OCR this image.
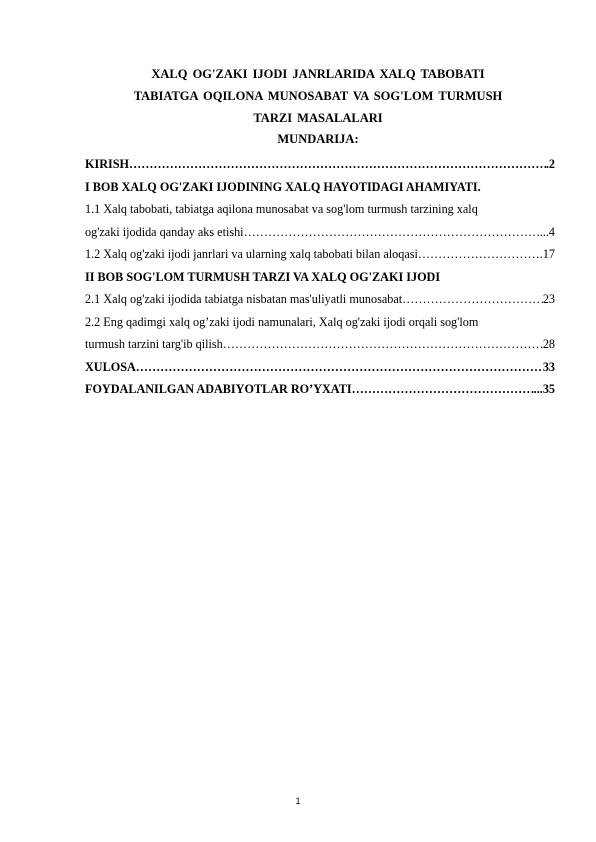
XALQ OG'ZAKI IJODI JANRLARIDA XALQ TABOBATI
TABIATGA OQILONA MUNOSABAT VA SOG'LOM TURMUSH
TARZI MASALALARI
MUNDARIJA:
KIRISH ………………………………………………………………………………………………………………………………………………………………	.2
I BOB XALQ OG'ZAKI IJODINING XALQ HAYOTIDAGI AHAMIYATI.
1.1 Xalq tabobati, tabiatga aqilona munosabat va sog'lom turmush tarzining xalq
og'zaki ijodida qanday aks etishi ………………………………………………………………………………………………………………………………………………………………	...4
1.2 Xalq og'zaki ijodi janrlari va ularning xalq tabobati bilan aloqasi ………………………………………………………………………………………………………………………………………………………………	.17
II BOB SOG'LOM TURMUSH TARZI VA XALQ OG'ZAKI IJODI
2.1 Xalq og'zaki ijodida tabiatga nisbatan mas'uliyatli munosabat ………………………………………………………………………………………………………………………………………………………………	23
2.2 Eng qadimgi xalq og’zaki ijodi namunalari, Xalq og'zaki ijodi orqali sog'lom
turmush tarzini targ'ib qilish ………………………………………………………………………………………………………………………………………………………………	28
XULOSA ………………………………………………………………………………………………………………………………………………………………	33
FOYDALANILGAN ADABIYOTLAR RO’YXATI ………………………………………………………………………………………………………………………………………………………………	...35
1
